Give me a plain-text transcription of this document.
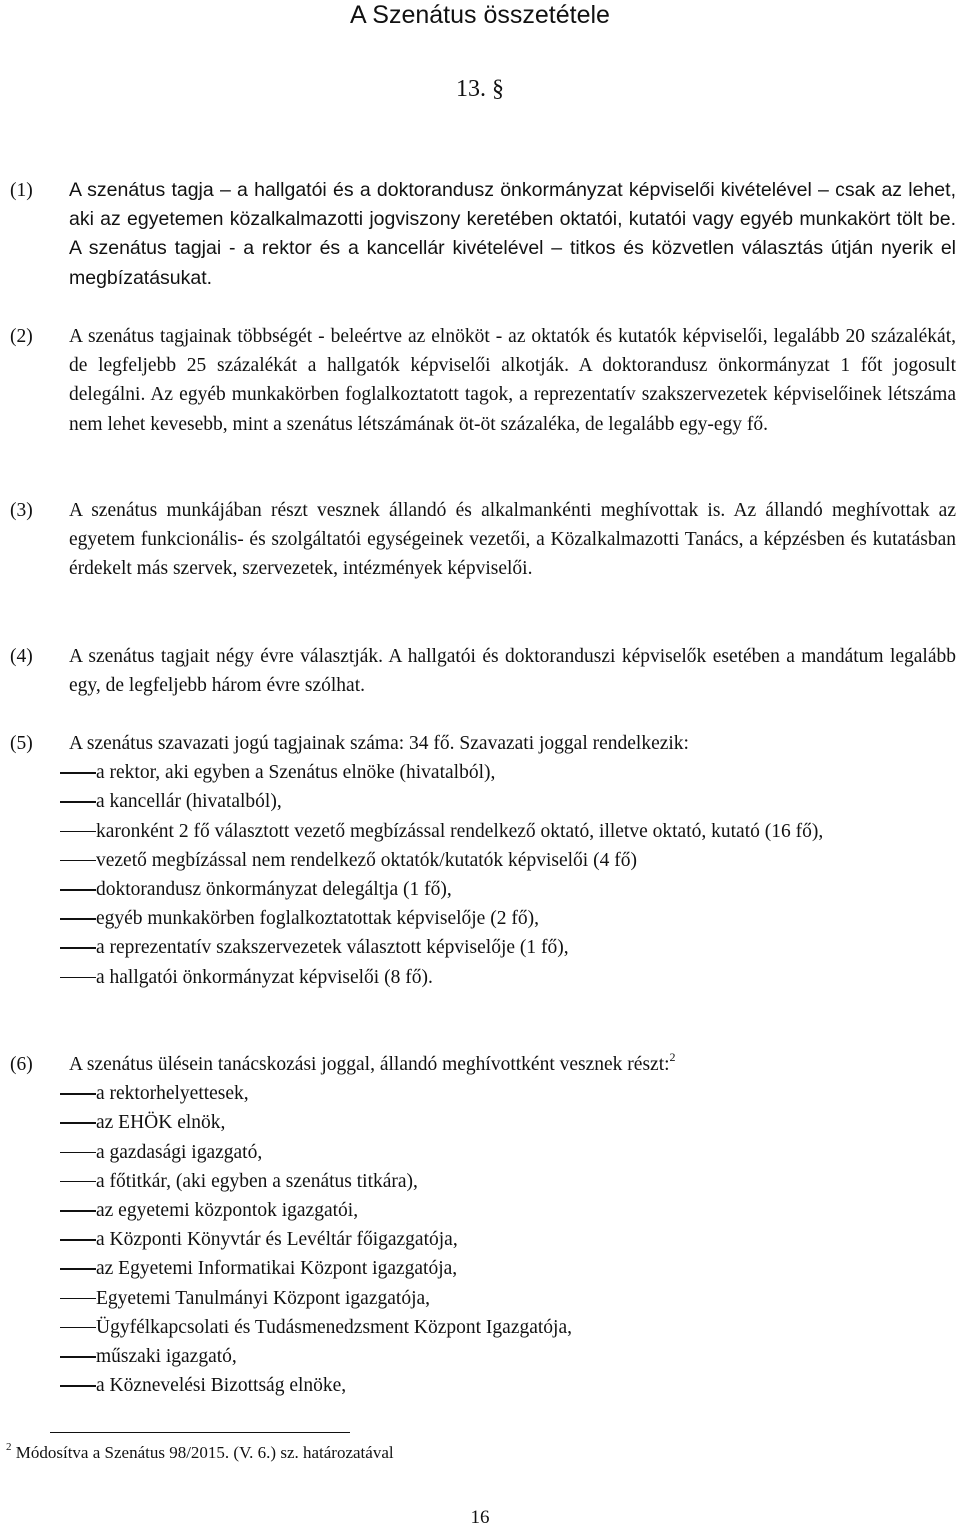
A Szenátus összetétele
13. §
(1) A szenátus tagja – a hallgatói és a doktorandusz önkormányzat képviselői kivételével – csak az lehet, aki az egyetemen közalkalmazotti jogviszony keretében oktatói, kutatói vagy egyéb munkakört tölt be. A szenátus tagjai - a rektor és a kancellár kivételével – titkos és közvetlen választás útján nyerik el megbízatásukat.
(2) A szenátus tagjainak többségét - beleértve az elnököt - az oktatók és kutatók képviselői, legalább 20 százalékát, de legfeljebb 25 százalékát a hallgatók képviselői alkotják. A doktorandusz önkormányzat 1 főt jogosult delegálni. Az egyéb munkakörben foglalkoztatott tagok, a reprezentatív szakszervezetek képviselőinek létszáma nem lehet kevesebb, mint a szenátus létszámának öt-öt százaléka, de legalább egy-egy fő.
(3) A szenátus munkájában részt vesznek állandó és alkalmankénti meghívottak is. Az állandó meghívottak az egyetem funkcionális- és szolgáltatói egységeinek vezetői, a Közalkalmazotti Tanács, a képzésben és kutatásban érdekelt más szervek, szervezetek, intézmények képviselői.
(4) A szenátus tagjait négy évre választják. A hallgatói és doktoranduszi képviselők esetében a mandátum legalább egy, de legfeljebb három évre szólhat.
(5) A szenátus szavazati jogú tagjainak száma: 34 fő. Szavazati joggal rendelkezik:
a rektor, aki egyben a Szenátus elnöke (hivatalból),
a kancellár (hivatalból),
karonként 2 fő választott vezető megbízással rendelkező oktató, illetve oktató, kutató (16 fő),
vezető megbízással nem rendelkező oktatók/kutatók képviselői (4 fő)
doktorandusz önkormányzat delegáltja (1 fő),
egyéb munkakörben foglalkoztatottak képviselője (2 fő),
a reprezentatív szakszervezetek választott képviselője (1 fő),
a hallgatói önkormányzat képviselői (8 fő).
(6) A szenátus ülésein tanácskozási joggal, állandó meghívottként vesznek részt:$^2$
a rektorhelyettesek,
az EHÖK elnök,
a gazdasági igazgató,
a főtitkár, (aki egyben a szenátus titkára),
az egyetemi központok igazgatói,
a Központi Könyvtár és Levéltár főigazgatója,
az Egyetemi Informatikai Központ igazgatója,
Egyetemi Tanulmányi Központ igazgatója,
Ügyfélkapcsolati és Tudásmenedzsment Központ Igazgatója,
műszaki igazgató,
a Köznevelési Bizottság elnöke,
$^2$ Módosítva a Szenátus 98/2015. (V. 6.) sz. határozatával
16
